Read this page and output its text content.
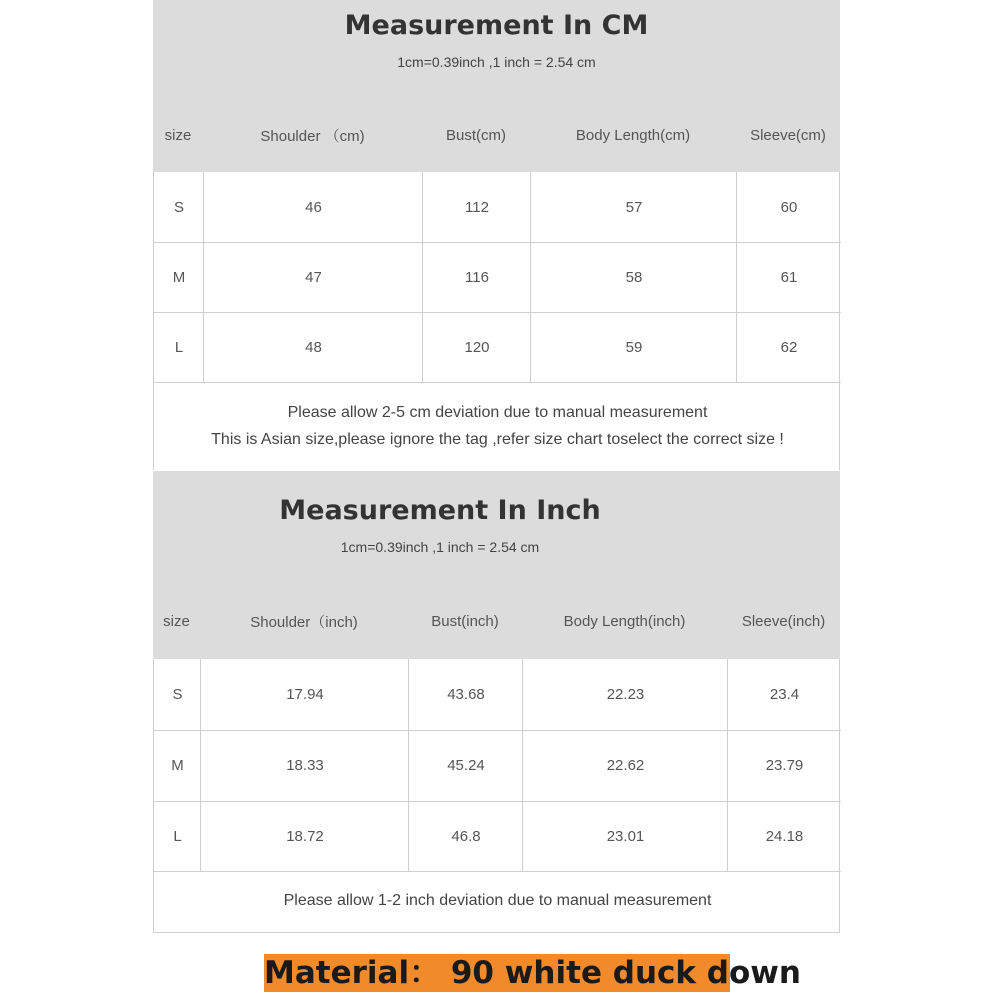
Measurement In CM
1cm=0.39inch ,1 inch = 2.54 cm
size	Shoulder （cm)	Bust(cm)	Body Length(cm)	Sleeve(cm)
S	46	112	57	60
M	47	116	58	61
L	48	120	59	62
Please allow 2-5 cm deviation due to manual measurement
This is Asian size,please ignore the tag ,refer size chart toselect the correct size !
Measurement In Inch
1cm=0.39inch ,1 inch = 2.54 cm
size	Shoulder（inch)	Bust(inch)	Body Length(inch)	Sleeve(inch)
S	17.94	43.68	22.23	23.4
M	18.33	45.24	22.62	23.79
L	18.72	46.8	23.01	24.18
Please allow 1-2 inch deviation due to manual measurement
Material： 90 white duck down
